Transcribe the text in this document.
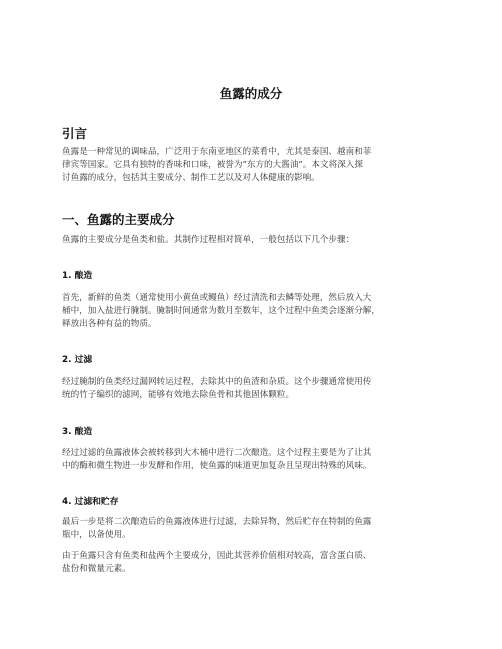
鱼露的成分
引言

鱼露是一种常见的调味品，广泛用于东南亚地区的菜肴中，尤其是泰国、越南和菲
律宾等国家。它具有独特的香味和口味，被誉为”东方的大酱油”。本文将深入探
讨鱼露的成分，包括其主要成分、制作工艺以及对人体健康的影响。

一、鱼露的主要成分

鱼露的主要成分是鱼类和盐。其制作过程相对简单，一般包括以下几个步骤：

1. 酿造

首先，新鲜的鱼类（通常使用小黄鱼或鳗鱼）经过清洗和去鳞等处理，然后放入大
桶中，加入盐进行腌制。腌制时间通常为数月至数年，这个过程中鱼类会逐渐分解，
释放出各种有益的物质。

2. 过滤

经过腌制的鱼类经过漏网转运过程，去除其中的鱼渣和杂质。这个步骤通常使用传
统的竹子编织的滤网，能够有效地去除鱼骨和其他固体颗粒。

3. 酿造

经过过滤的鱼露液体会被转移到大木桶中进行二次酿造。这个过程主要是为了让其
中的酶和微生物进一步发酵和作用，使鱼露的味道更加复杂且呈现出特殊的风味。

4. 过滤和贮存

最后一步是将二次酿造后的鱼露液体进行过滤，去除异物，然后贮存在特制的鱼露
瓶中，以备使用。

由于鱼露只含有鱼类和盐两个主要成分，因此其营养价值相对较高，富含蛋白质、
盐份和微量元素。
